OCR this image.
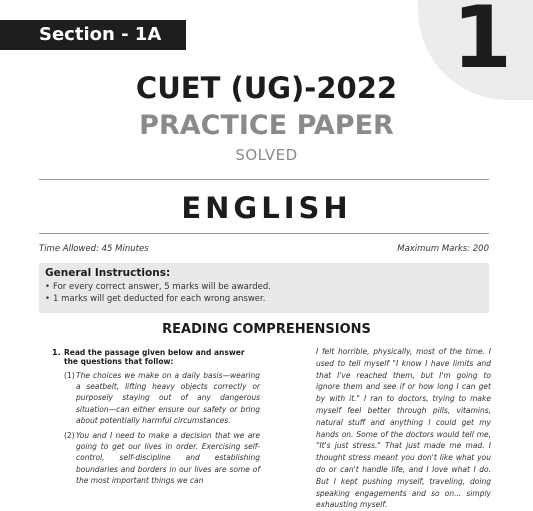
1
Section - 1A
CUET (UG)-2022
PRACTICE PAPER
SOLVED
ENGLISH
Time Allowed: 45 Minutes	Maximum Marks: 200
General Instructions:
• For every correct answer, 5 marks will be awarded.
• 1 marks will get deducted for each wrong answer.
READING COMPREHENSIONS
1. Read the passage given below and answer the questions that follow:
(1) The choices we make on a daily basis—wearing a seatbelt, lifting heavy objects correctly or purposely staying out of any dangerous situation—can either ensure our safety or bring about potentially harmful circumstances.
(2) You and I need to make a decision that we are going to get our lives in order. Exercising self-control, self-discipline and establishing boundaries and borders in our lives are some of the most important things we can
I felt horrible, physically, most of the time. I used to tell myself "I know I have limits and that I've reached them, but I'm going to ignore them and see if or how long I can get by with it." I ran to doctors, trying to make myself feel better through pills, vitamins, natural stuff and anything I could get my hands on. Some of the doctors would tell me, "It's just stress." That just made me mad. I thought stress meant you don't like what you do or can't handle life, and I love what I do. But I kept pushing myself, traveling, doing speaking engagements and so on... simply exhausting myself.
